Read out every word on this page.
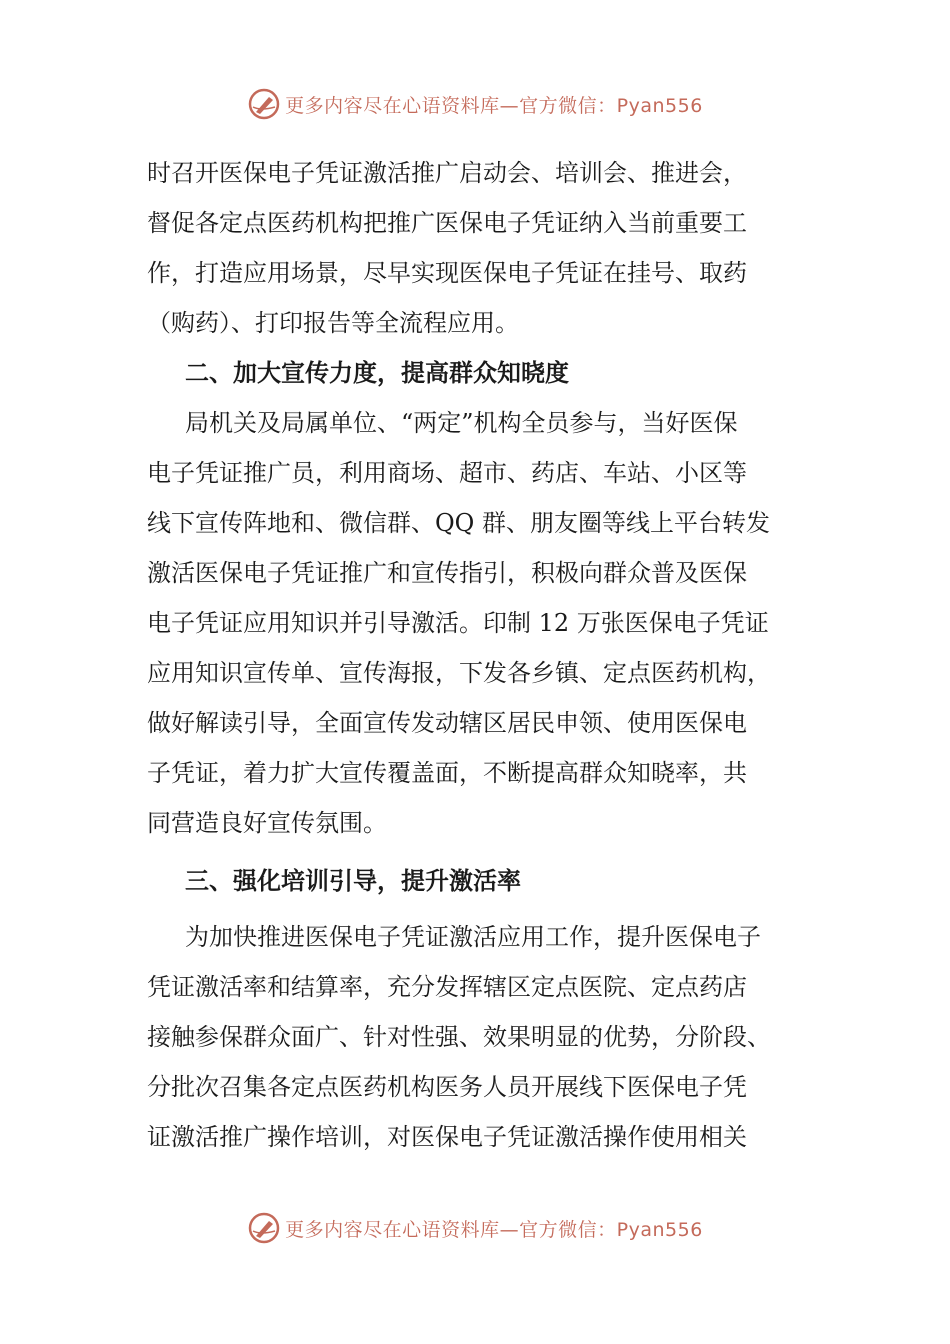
更多内容尽在心语资料库—官方微信：Pyan556

时召开医保电子凭证激活推广启动会、培训会、推进会，

督促各定点医药机构把推广医保电子凭证纳入当前重要工

作，打造应用场景，尽早实现医保电子凭证在挂号、取药

（购药）、打印报告等全流程应用。

二、加大宣传力度，提高群众知晓度

局机关及局属单位、“两定”机构全员参与，当好医保

电子凭证推广员，利用商场、超市、药店、车站、小区等

线下宣传阵地和、微信群、QQ 群、朋友圈等线上平台转发

激活医保电子凭证推广和宣传指引，积极向群众普及医保

电子凭证应用知识并引导激活。印制 12 万张医保电子凭证

应用知识宣传单、宣传海报，下发各乡镇、定点医药机构，

做好解读引导，全面宣传发动辖区居民申领、使用医保电

子凭证，着力扩大宣传覆盖面，不断提高群众知晓率，共

同营造良好宣传氛围。

三、强化培训引导，提升激活率

为加快推进医保电子凭证激活应用工作，提升医保电子

凭证激活率和结算率，充分发挥辖区定点医院、定点药店

接触参保群众面广、针对性强、效果明显的优势，分阶段、

分批次召集各定点医药机构医务人员开展线下医保电子凭

证激活推广操作培训，对医保电子凭证激活操作使用相关

更多内容尽在心语资料库—官方微信：Pyan556
